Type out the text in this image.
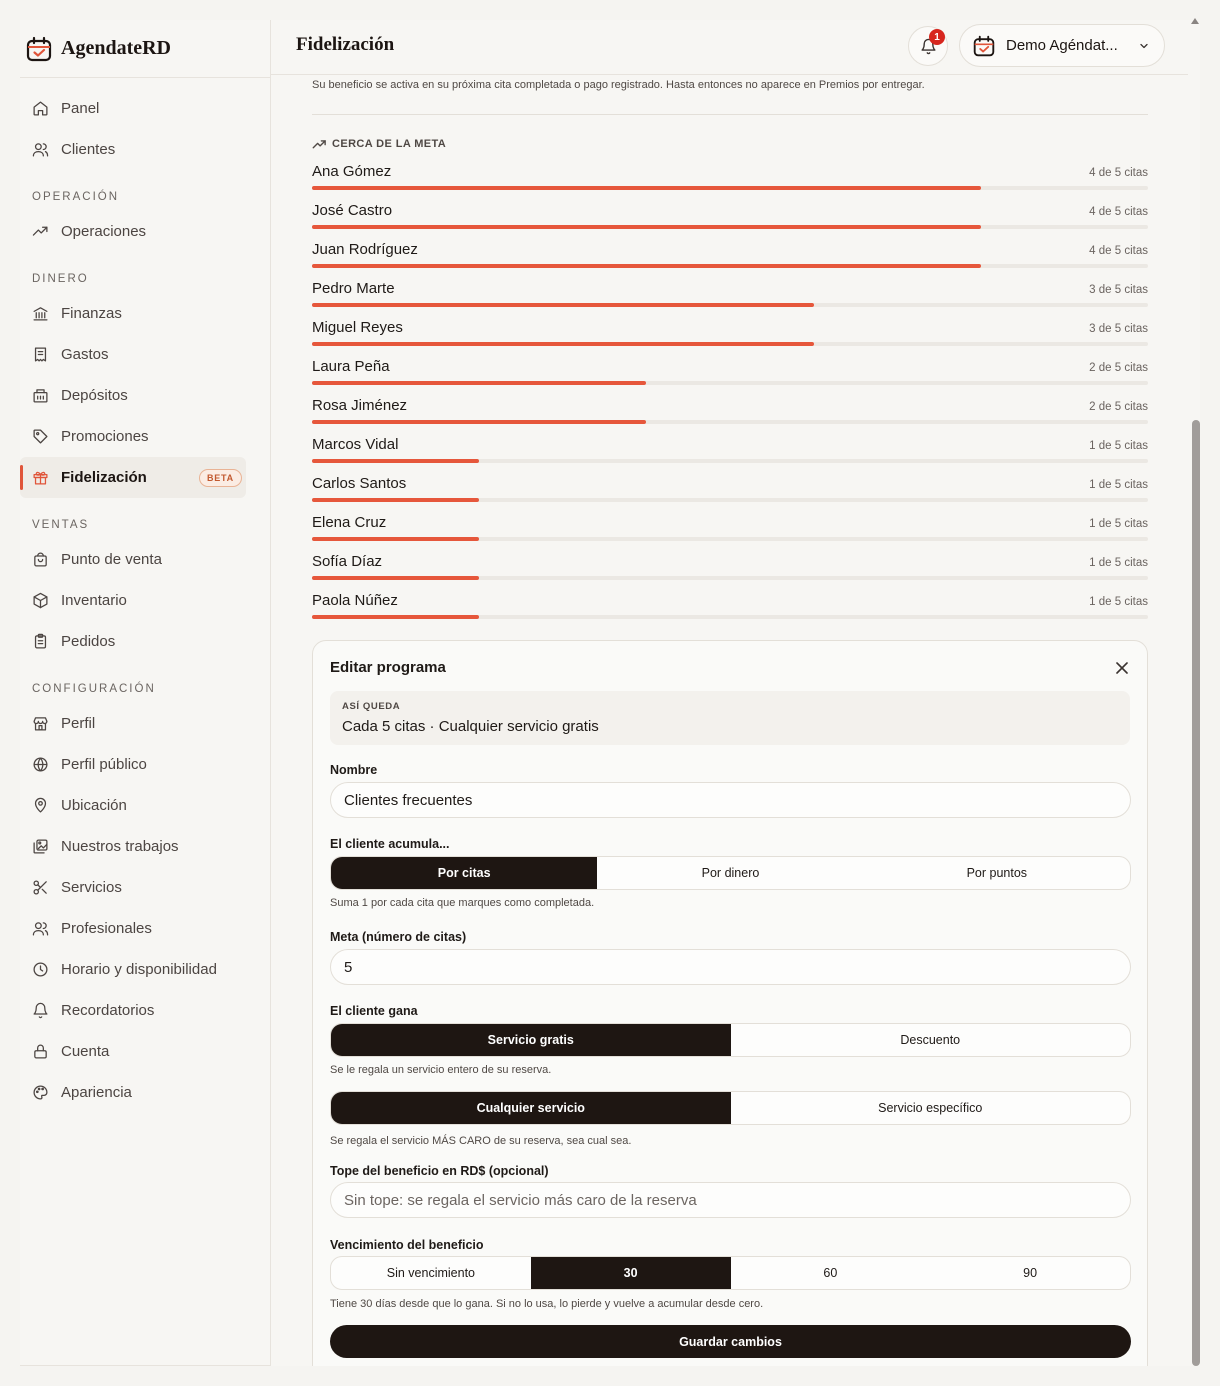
AgendateRD
Panel
Clientes
OPERACIÓN
Operaciones
DINERO
Finanzas
Gastos
Depósitos
Promociones
Fidelización	BETA
VENTAS
Punto de venta
Inventario
Pedidos
CONFIGURACIÓN
Perfil
Perfil público
Ubicación
Nuestros trabajos
Servicios
Profesionales
Horario y disponibilidad
Recordatorios
Cuenta
Apariencia
Fidelización	1	Demo Agéndat...

Su beneficio se activa en su próxima cita completada o pago registrado. Hasta entonces no aparece en Premios por entregar.

CERCA DE LA META
Ana Gómez	4 de 5 citas
José Castro	4 de 5 citas
Juan Rodríguez	4 de 5 citas
Pedro Marte	3 de 5 citas
Miguel Reyes	3 de 5 citas
Laura Peña	2 de 5 citas
Rosa Jiménez	2 de 5 citas
Marcos Vidal	1 de 5 citas
Carlos Santos	1 de 5 citas
Elena Cruz	1 de 5 citas
Sofía Díaz	1 de 5 citas
Paola Núñez	1 de 5 citas
Editar programa
ASÍ QUEDA
Cada 5 citas · Cualquier servicio gratis
Nombre
Clientes frecuentes
El cliente acumula...
Por citas	Por dinero	Por puntos

Suma 1 por cada cita que marques como completada.

Meta (número de citas)
5
El cliente gana
Servicio gratis	Descuento

Se le regala un servicio entero de su reserva.

Cualquier servicio	Servicio específico

Se regala el servicio MÁS CARO de su reserva, sea cual sea.

Tope del beneficio en RD$ (opcional)
Sin tope: se regala el servicio más caro de la reserva
Vencimiento del beneficio
Sin vencimiento	30	60	90

Tiene 30 días desde que lo gana. Si no lo usa, lo pierde y vuelve a acumular desde cero.

Guardar cambios
